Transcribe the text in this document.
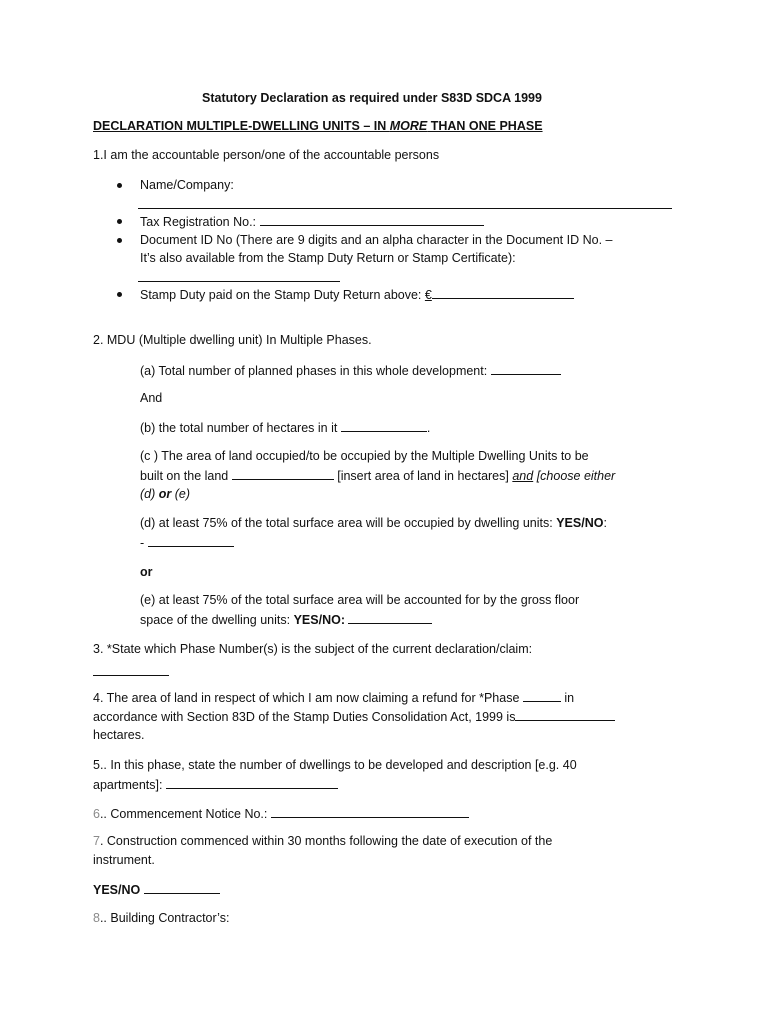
Statutory Declaration as required under S83D SDCA 1999
DECLARATION MULTIPLE-DWELLING UNITS – IN MORE THAN ONE PHASE
1.I am the accountable person/one of the accountable persons
Name/Company:
Tax Registration No.:
Document ID No (There are 9 digits and an alpha character in the Document ID No. –
It’s also available from the Stamp Duty Return or Stamp Certificate):
Stamp Duty paid on the Stamp Duty Return above: €
2. MDU (Multiple dwelling unit) In Multiple Phases.
(a) Total number of planned phases in this whole development:
And
(b) the total number of hectares in it	.
(c ) The area of land occupied/to be occupied by the Multiple Dwelling Units to be
built on the land	[insert area of land in hectares] and [choose either
(d) or (e)
(d) at least 75% of the total surface area will be occupied by dwelling units: YES/NO:
-
or
(e) at least 75% of the total surface area will be accounted for by the gross floor
space of the dwelling units: YES/NO:
3. *State which Phase Number(s) is the subject of the current declaration/claim:
4. The area of land in respect of which I am now claiming a refund for *Phase	in
accordance with Section 83D of the Stamp Duties Consolidation Act, 1999 is
hectares.
5.. In this phase, state the number of dwellings to be developed and description [e.g. 40
apartments]:
6.. Commencement Notice No.:
7. Construction commenced within 30 months following the date of execution of the
instrument.
YES/NO
8.. Building Contractor’s:
